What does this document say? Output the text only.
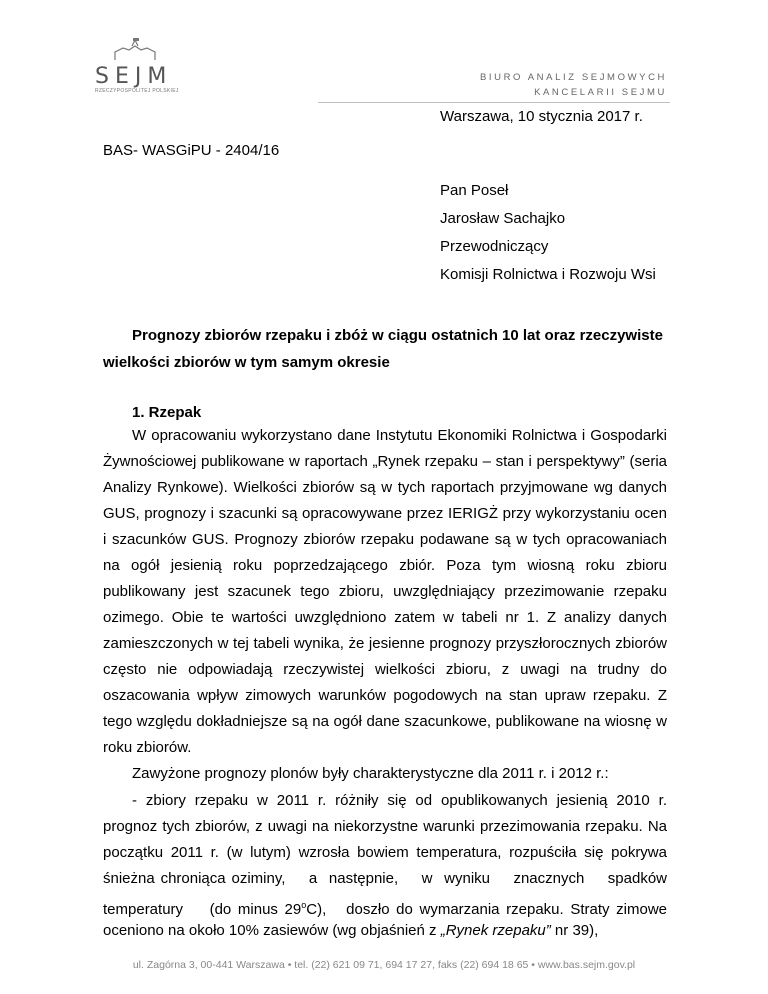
SEJM
RZECZYPOSPOLITEJ POLSKIEJ
BIURO ANALIZ SEJMOWYCH
KANCELARII SEJMU
Warszawa, 10 stycznia 2017 r.
BAS- WASGiPU - 2404/16
Pan Poseł
Jarosław Sachajko
Przewodniczący
Komisji Rolnictwa i Rozwoju Wsi
Prognozy zbiorów rzepaku i zbóż w ciągu ostatnich 10 lat oraz rzeczywiste
wielkości zbiorów w tym samym okresie
1. Rzepak
W opracowaniu wykorzystano dane Instytutu Ekonomiki Rolnictwa i Gospodarki
Żywnościowej publikowane w raportach „Rynek rzepaku – stan i perspektywy” (seria
Analizy Rynkowe). Wielkości zbiorów są w tych raportach przyjmowane wg danych
GUS, prognozy i szacunki są opracowywane przez IERIGŻ przy wykorzystaniu ocen
i szacunków GUS. Prognozy zbiorów rzepaku podawane są w tych opracowaniach
na ogół jesienią roku poprzedzającego zbiór. Poza tym wiosną roku zbioru
publikowany jest szacunek tego zbioru, uwzględniający przezimowanie rzepaku
ozimego. Obie te wartości uwzględniono zatem w tabeli nr 1. Z analizy danych
zamieszczonych w tej tabeli wynika, że jesienne prognozy przyszłorocznych zbiorów
często nie odpowiadają rzeczywistej wielkości zbioru, z uwagi na trudny do
oszacowania wpływ zimowych warunków pogodowych na stan upraw rzepaku. Z
tego względu dokładniejsze są na ogół dane szacunkowe, publikowane na wiosnę w
roku zbiorów.
Zawyżone prognozy plonów były charakterystyczne dla 2011 r. i 2012 r.:
- zbiory rzepaku w 2011 r. różniły się od opublikowanych jesienią 2010 r.
prognoz tych zbiorów, z uwagi na niekorzystne warunki przezimowania rzepaku. Na
początku 2011 r. (w lutym) wzrosła bowiem temperatura, rozpuściła się pokrywa
śnieżna chroniąca oziminy,    a  następnie,    w  wyniku    znacznych    spadków
temperatury    (do minus 29$^o$C),   doszło do wymarzania rzepaku. Straty zimowe
oceniono na około 10% zasiewów (wg objaśnień z „Rynek rzepaku” nr 39),
ul. Zagórna 3, 00-441 Warszawa • tel. (22) 621 09 71, 694 17 27, faks (22) 694 18 65 • www.bas.sejm.gov.pl
